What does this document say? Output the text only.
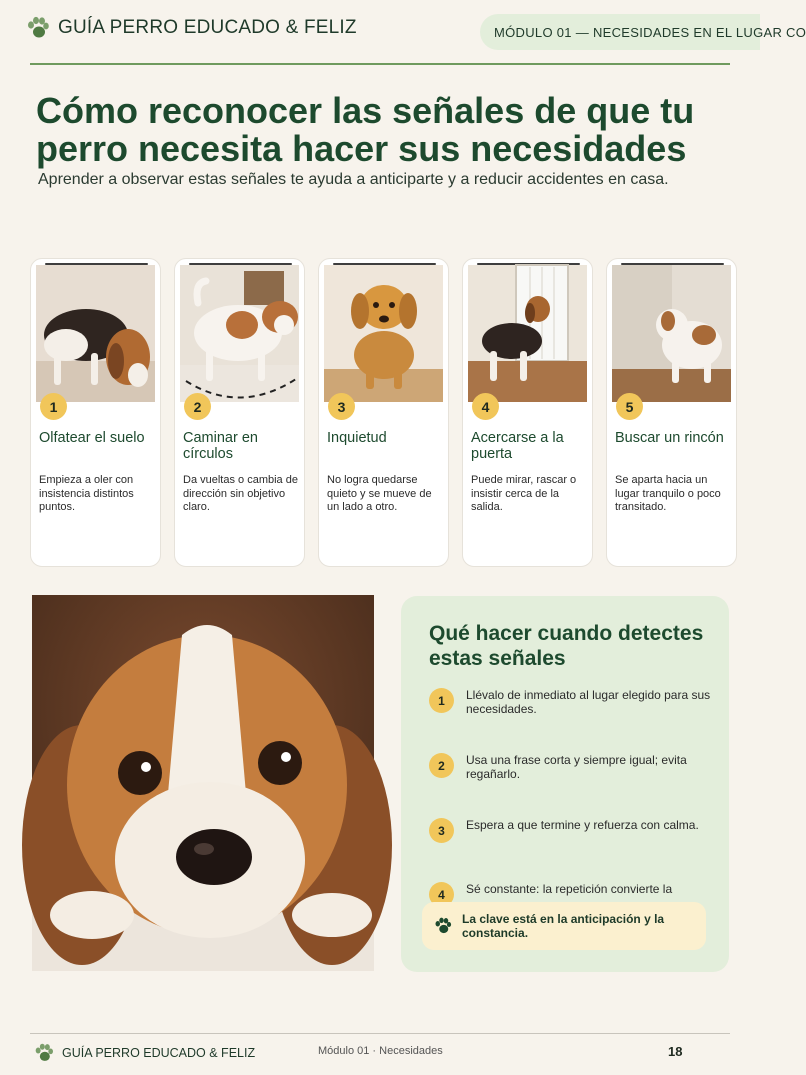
GUÍA PERRO EDUCADO & FELIZ	MÓDULO 01 — NECESIDADES EN EL LUGAR CO
Cómo reconocer las señales de que tu perro necesita hacer sus necesidades

Aprender a observar estas señales te ayuda a anticiparte y a reducir accidentes en casa.

1
Olfatear el suelo
Empieza a oler con insistencia distintos puntos.
2
Caminar en círculos
Da vueltas o cambia de dirección sin objetivo claro.
3
Inquietud
No logra quedarse quieto y se mueve de un lado a otro.
4
Acercarse a la puerta
Puede mirar, rascar o insistir cerca de la salida.
5
Buscar un rincón
Se aparta hacia un lugar tranquilo o poco transitado.
Qué hacer cuando detectes estas señales
1	Llévalo de inmediato al lugar elegido para sus necesidades.
2	Usa una frase corta y siempre igual; evita regañarlo.
3	Espera a que termine y refuerza con calma.
4	Sé constante: la repetición convierte la
La clave está en la anticipación y la constancia.
GUÍA PERRO EDUCADO & FELIZ	Módulo 01 · Necesidades	18
